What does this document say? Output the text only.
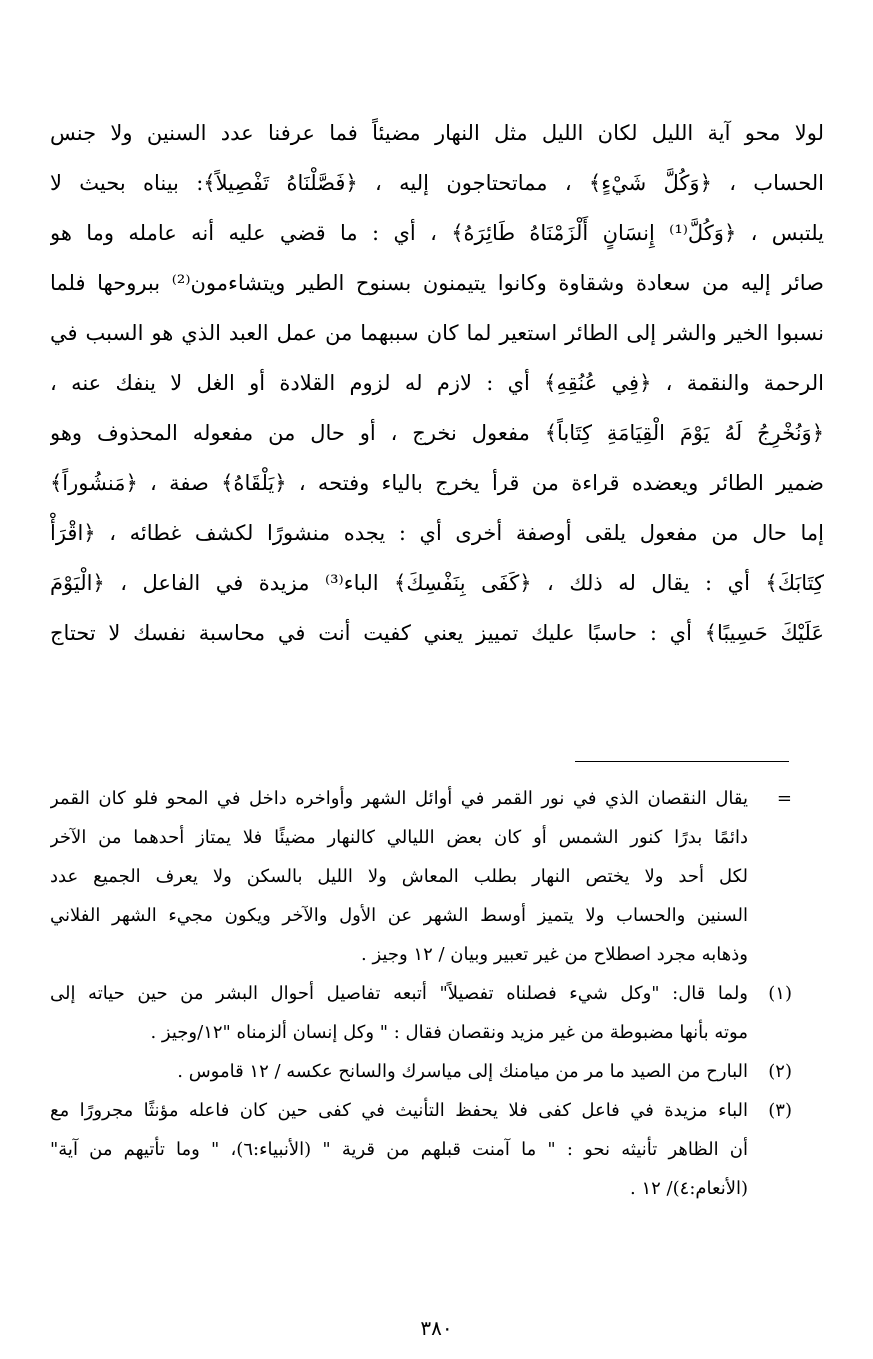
لولا محو آية الليل لكان الليل مثل النهار مضيئاً فما عرفنا عدد السنين ولا جنس
الحساب ، ﴿وَكُلَّ شَيْءٍ﴾ ، مماتحتاجون إليه ، ﴿فَصَّلْنَاهُ تَفْصِيلاً﴾: بيناه بحيث لا
يلتبس ، ﴿وَكُلَّ⁽¹⁾ إِنسَانٍ أَلْزَمْنَاهُ طَائِرَهُ﴾ ، أي : ما قضي عليه أنه عامله وما هو
صائر إليه من سعادة وشقاوة وكانوا يتيمنون بسنوح الطير ويتشاءمون⁽²⁾ ببروحها فلما
نسبوا الخير والشر إلى الطائر استعير لما كان سببهما من عمل العبد الذي هو السبب في
الرحمة والنقمة ، ﴿فِي عُنُقِهِ﴾ أي : لازم له لزوم القلادة أو الغل لا ينفك عنه ،
﴿وَنُخْرِجُ لَهُ يَوْمَ الْقِيَامَةِ كِتَاباً﴾ مفعول نخرج ، أو حال من مفعوله المحذوف وهو
ضمير الطائر ويعضده قراءة من قرأ يخرج بالياء وفتحه ، ﴿يَلْقَاهُ﴾ صفة ، ﴿مَنشُوراً﴾
إما حال من مفعول يلقى أوصفة أخرى أي : يجده منشورًا لكشف غطائه ، ﴿اقْرَأْ
كِتَابَكَ﴾ أي : يقال له ذلك ، ﴿كَفَى بِنَفْسِكَ﴾ الباء⁽³⁾ مزيدة في الفاعل ، ﴿الْيَوْمَ
عَلَيْكَ حَسِيبًا﴾ أي : حاسبًا عليك تمييز يعني كفيت أنت في محاسبة نفسك لا تحتاج
=
يقال النقصان الذي في نور القمر في أوائل الشهر وأواخره داخل في المحو فلو كان القمر
دائمًا بدرًا كنور الشمس أو كان بعض الليالي كالنهار مضيئًا فلا يمتاز أحدهما من الآخر
لكل أحد ولا يختص النهار بطلب المعاش ولا الليل بالسكن ولا يعرف الجميع عدد
السنين والحساب ولا يتميز أوسط الشهر عن الأول والآخر ويكون مجيء الشهر الفلاني
وذهابه مجرد اصطلاح من غير تعبير وبيان / ١٢ وجيز .
(١)
ولما قال: "وكل شيء فصلناه تفصيلاً" أتبعه تفاصيل أحوال البشر من حين حياته إلى
موته بأنها مضبوطة من غير مزيد ونقصان فقال : " وكل إنسان ألزمناه "١٢/وجيز .
(٢)
البارح من الصيد ما مر من ميامنك إلى مياسرك والسانح عكسه / ١٢ قاموس .
(٣)
الباء مزيدة في فاعل كفى فلا يحفظ التأنيث في كفى حين كان فاعله مؤنثًا مجرورًا مع
أن الظاهر تأنيثه نحو : " ما آمنت قبلهم من قرية " (الأنبياء:٦)، " وما تأتيهم من آية"
(الأنعام:٤)/ ١٢ .
٣٨٠
